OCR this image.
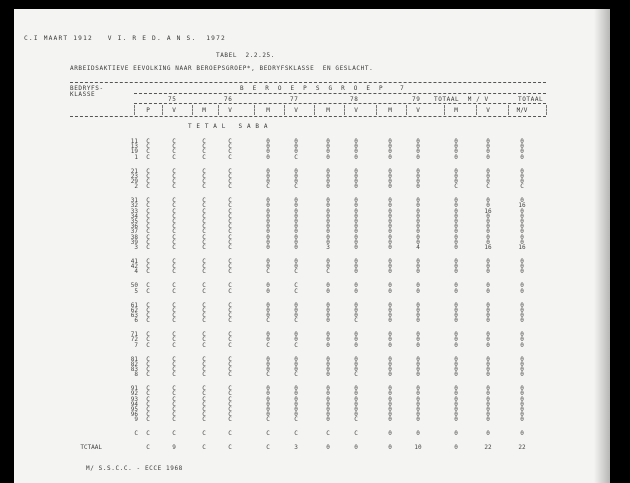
C.I MAART 1912   V I. R E D. A N S.  1972
TABEL  2.2.25.
ARBEIDSAKTIEVE EEVOLKING NAAR BEROEPSGROEP*, BEDRYFSKLASSE  EN GESLACHT.
BEDRYFS-
KLASSE
B  E  R  O  E  P  S  G  R  O  E  P    7
75	76	77	78	79 TOTAAL  M / V	TOTAAL
P	V	M	V	M	V	M	V	M	V	M	V	M/V
T E T A L   S A B A
11	C	C	C	C	0	0	0	0	0	0	0	0	0
13	C	C	C	C	0	0	0	0	0	0	0	0	0
19	C	C	C	C	0	0	0	0	0	0	0	0	0
1	C	C	C	C	0	C	0	0	0	0	0	0	0
21	C	C	C	C	0	0	0	0	0	0	0	0	0
23	C	C	C	C	0	0	0	0	0	0	0	0	0
29	C	C	C	C	0	0	0	0	0	0	0	0	0
2	C	C	C	C	C	C	0	0	0	0	C	C	C
31	C	C	C	C	0	0	0	0	0	0	0	0	0
32	C	C	C	C	0	0	0	0	0	0	0	0	16
33	C	C	C	C	0	0	0	0	0	0	0	16	0
34	C	C	C	C	0	0	0	0	0	0	0	0	0
35	C	C	C	C	0	0	0	0	0	0	0	0	0
36	C	C	C	C	0	0	0	0	0	0	0	0	0
37	C	C	C	C	0	0	0	0	0	0	0	0	0
38	C	C	C	C	0	0	0	0	0	0	0	0	0
39	C	C	C	C	0	0	0	0	0	0	0	0	0
3	C	C	C	C	0	0	3	0	0	4	0	16	16
41	C	C	C	C	0	0	0	0	0	0	0	0	0
42	C	C	C	C	0	0	0	0	0	0	0	0	0
4	C	C	C	C	C	C	C	0	0	0	0	0	0
50	C	C	C	C	0	C	0	0	0	0	0	0	0
5	C	C	C	C	0	C	0	0	0	0	0	0	0
61	C	C	C	C	0	0	0	0	0	0	0	0	0
62	C	C	C	C	0	0	0	0	0	0	0	0	0
63	C	C	C	C	0	0	0	0	0	0	0	0	0
6	C	C	C	C	C	C	0	C	0	0	0	0	0
71	C	C	C	C	0	0	0	0	0	0	0	0	0
72	C	C	C	C	0	0	0	0	0	0	0	0	0
7	C	C	C	C	C	C	0	0	0	0	0	0	0
81	C	C	C	C	0	0	0	0	0	0	0	0	0
82	C	C	C	C	0	0	0	0	0	0	0	0	0
83	C	C	C	C	0	0	0	0	0	0	0	0	0
8	C	C	C	C	C	C	0	C	0	0	0	0	0
91	C	C	C	C	0	0	0	0	0	0	0	0	0
92	C	C	C	C	0	0	0	0	0	0	0	0	0
93	C	C	C	C	0	0	0	0	0	0	0	0	0
94	C	C	C	C	0	0	0	0	0	0	0	0	0
95	C	C	C	C	0	0	0	0	0	0	0	0	0
96	C	C	C	C	0	0	0	0	0	0	0	0	0
9	C	C	C	C	C	C	0	C	0	0	0	0	0
C	C	C	C	C	C	C	C	C	0	0	0	0	0
TCTAAL	C	9	C	C	C	3	0	0	0	10	0	22	22
M/ S.S.C.C. - ECCE 1968
